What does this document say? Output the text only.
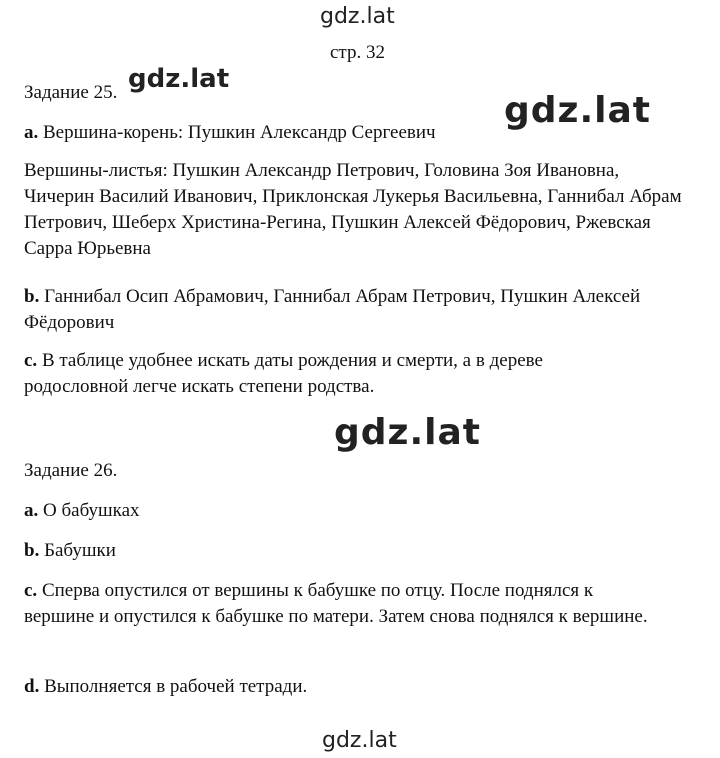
gdz.lat
стр. 32
Задание 25. gdz.lat
gdz.lat
a. Вершина-корень: Пушкин Александр Сергеевич
Вершины-листья: Пушкин Александр Петрович, Головина Зоя Ивановна, Чичерин Василий Иванович, Приклонская Лукерья Васильевна, Ганнибал Абрам Петрович, Шеберх Христина-Регина, Пушкин Алексей Фёдорович, Ржевская Сарра Юрьевна
b. Ганнибал Осип Абрамович, Ганнибал Абрам Петрович, Пушкин Алексей Фёдорович
c. В таблице удобнее искать даты рождения и смерти, а в дереве родословной легче искать степени родства.
gdz.lat
Задание 26.
a. О бабушках
b. Бабушки
c. Сперва опустился от вершины к бабушке по отцу. После поднялся к вершине и опустился к бабушке по матери. Затем снова поднялся к вершине.
d. Выполняется в рабочей тетради.
gdz.lat
